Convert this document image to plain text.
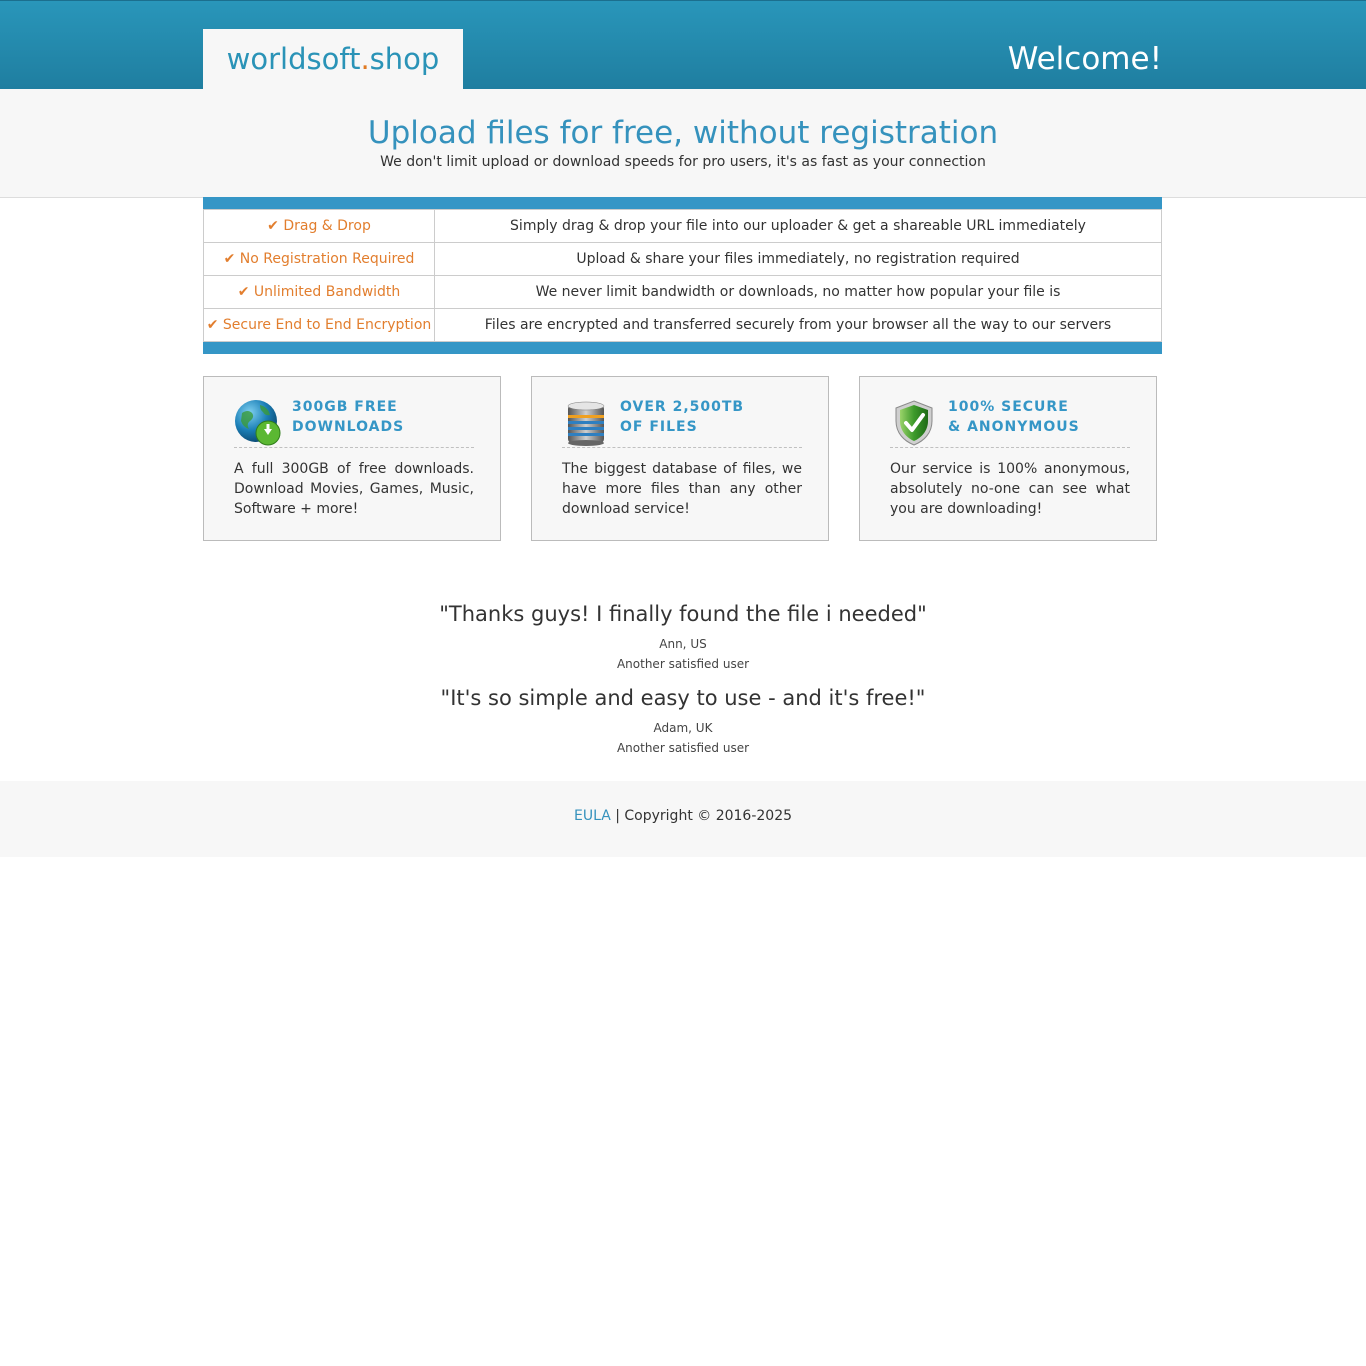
worldsoft . shop	Welcome!
Upload files for free, without registration

We don't limit upload or download speeds for pro users, it's as fast as your connection

✔ Drag & Drop	Simply drag & drop your file into our uploader & get a shareable URL immediately
✔ No Registration Required	Upload & share your files immediately, no registration required
✔ Unlimited Bandwidth	We never limit bandwidth or downloads, no matter how popular your file is
✔ Secure End to End Encryption	Files are encrypted and transferred securely from your browser all the way to our servers
300GB FREE
DOWNLOADS
A full 300GB of free downloads. Download Movies, Games, Music, Software + more!
OVER 2,500TB
OF FILES
The biggest database of files, we have more files than any other download service!
100% SECURE
& ANONYMOUS
Our service is 100% anonymous, absolutely no-one can see what you are downloading!

"Thanks guys! I finally found the file i needed"

Ann, US
Another satisfied user

"It's so simple and easy to use - and it's free!"

Adam, UK
Another satisfied user
EULA | Copyright © 2016-2025
